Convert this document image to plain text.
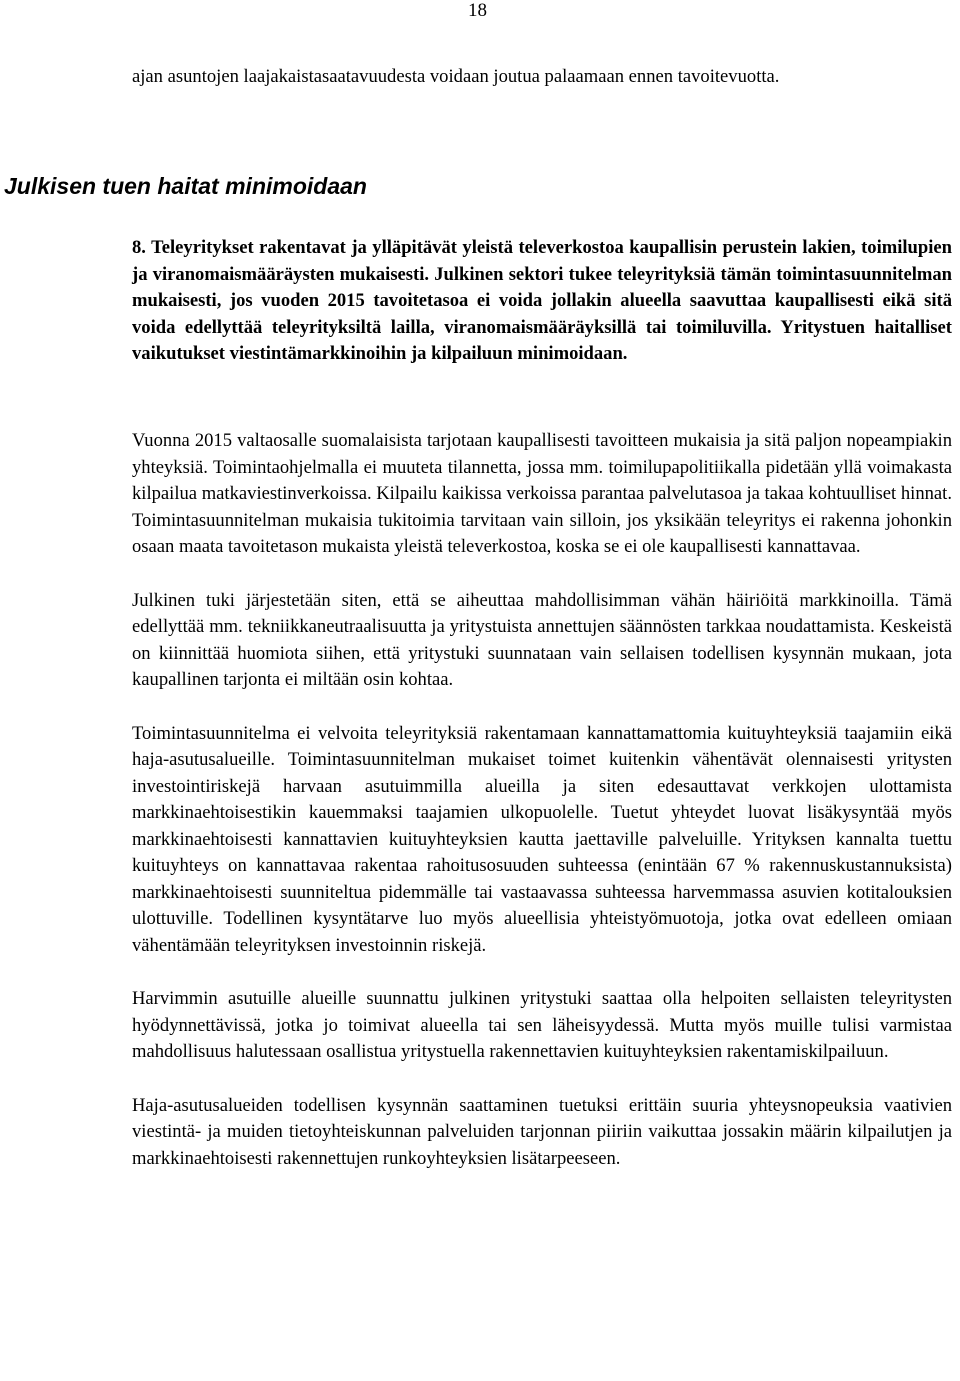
18

ajan asuntojen laajakaistasaatavuudesta voidaan joutua palaamaan ennen tavoitevuotta.

Julkisen tuen haitat minimoidaan

8. Teleyritykset rakentavat ja ylläpitävät yleistä televerkostoa kaupallisin perustein lakien, toimilupien ja viranomaismääräysten mukaisesti. Julkinen sektori tukee teleyrityksiä tämän toimintasuunnitelman mukaisesti, jos vuoden 2015 tavoitetasoa ei voida jollakin alueella saavuttaa kaupallisesti eikä sitä voida edellyttää teleyrityksiltä lailla, viranomaismääräyksillä tai toimiluvilla. Yritystuen haitalliset vaikutukset viestintämarkkinoihin ja kilpailuun minimoidaan.

Vuonna 2015 valtaosalle suomalaisista tarjotaan kaupallisesti tavoitteen mukaisia ja sitä paljon nopeampiakin yhteyksiä. Toimintaohjelmalla ei muuteta tilannetta, jossa mm. toimilupapolitiikalla pidetään yllä voimakasta kilpailua matkaviestinverkoissa. Kilpailu kaikissa verkoissa parantaa palvelutasoa ja takaa kohtuulliset hinnat. Toimintasuunnitelman mukaisia tukitoimia tarvitaan vain silloin, jos yksikään teleyritys ei rakenna johonkin osaan maata tavoitetason mukaista yleistä televerkostoa, koska se ei ole kaupallisesti kannattavaa.

Julkinen tuki järjestetään siten, että se aiheuttaa mahdollisimman vähän häiriöitä markkinoilla. Tämä edellyttää mm. tekniikkaneutraalisuutta ja yritystuista annettujen säännösten tarkkaa noudattamista. Keskeistä on kiinnittää huomiota siihen, että yritystuki suunnataan vain sellaisen todellisen kysynnän mukaan, jota kaupallinen tarjonta ei miltään osin kohtaa.

Toimintasuunnitelma ei velvoita teleyrityksiä rakentamaan kannattamattomia kuituyhteyksiä taajamiin eikä haja-asutusalueille. Toimintasuunnitelman mukaiset toimet kuitenkin vähentävät olennaisesti yritysten investointiriskejä harvaan asutuimmilla alueilla ja siten edesauttavat verkkojen ulottamista markkinaehtoisestikin kauemmaksi taajamien ulkopuolelle. Tuetut yhteydet luovat lisäkysyntää myös markkinaehtoisesti kannattavien kuituyhteyksien kautta jaettaville palveluille. Yrityksen kannalta tuettu kuituyhteys on kannattavaa rakentaa rahoitusosuuden suhteessa (enintään 67 % rakennuskustannuksista) markkinaehtoisesti suunniteltua pidemmälle tai vastaavassa suhteessa harvemmassa asuvien kotitalouksien ulottuville. Todellinen kysyntätarve luo myös alueellisia yhteistyömuotoja, jotka ovat edelleen omiaan vähentämään teleyrityksen investoinnin riskejä.

Harvimmin asutuille alueille suunnattu julkinen yritystuki saattaa olla helpoiten sellaisten teleyritysten hyödynnettävissä, jotka jo toimivat alueella tai sen läheisyydessä. Mutta myös muille tulisi varmistaa mahdollisuus halutessaan osallistua yritystuella rakennettavien kuituyhteyksien rakentamiskilpailuun.

Haja-asutusalueiden todellisen kysynnän saattaminen tuetuksi erittäin suuria yhteysnopeuksia vaativien viestintä- ja muiden tietoyhteiskunnan palveluiden tarjonnan piiriin vaikuttaa jossakin määrin kilpailutjen ja markkinaehtoisesti rakennettujen runkoyhteyksien lisätarpeeseen.
